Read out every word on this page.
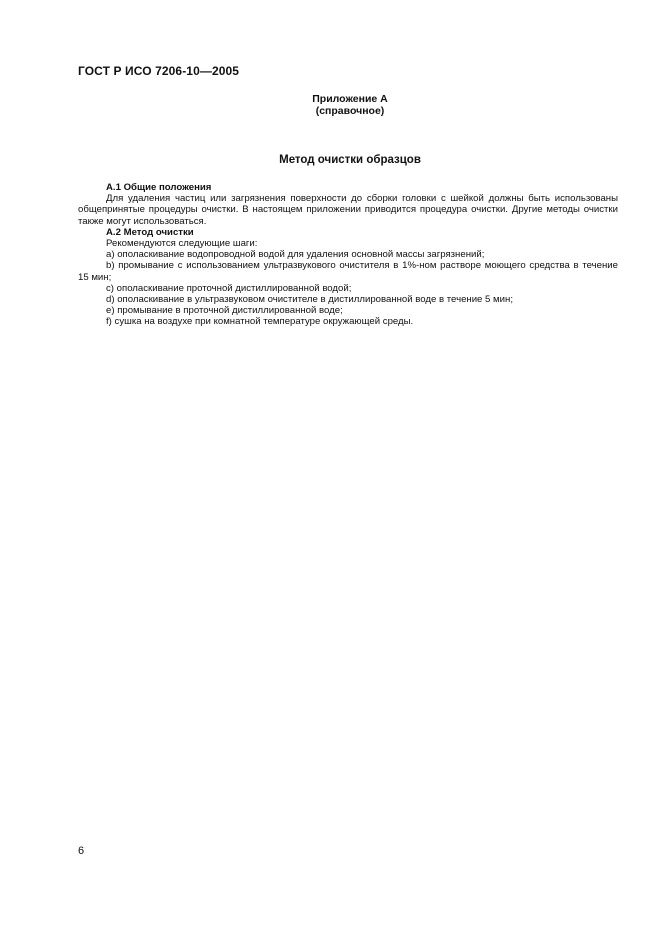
ГОСТ Р ИСО 7206-10—2005
Приложение А
(справочное)
Метод очистки образцов
А.1 Общие положения
Для удаления частиц или загрязнения поверхности до сборки головки с шейкой должны быть использованы общепринятые процедуры очистки. В настоящем приложении приводится процедура очистки. Другие методы очистки также могут использоваться.
А.2 Метод очистки
Рекомендуются следующие шаги:
а) ополаскивание водопроводной водой для удаления основной массы загрязнений;
b) промывание с использованием ультразвукового очистителя в 1%-ном растворе моющего средства в течение 15 мин;
с) ополаскивание проточной дистиллированной водой;
d) ополаскивание в ультразвуковом очистителе в дистиллированной воде в течение 5 мин;
е) промывание в проточной дистиллированной воде;
f) сушка на воздухе при комнатной температуре окружающей среды.
6
